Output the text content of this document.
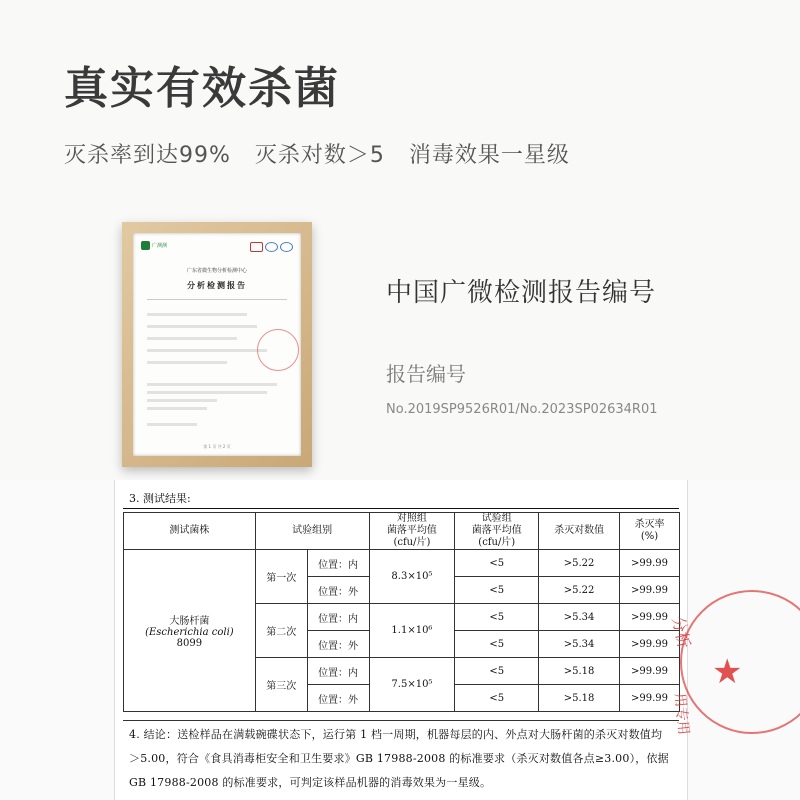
真实有效杀菌
灭杀率到达99% 灭杀对数＞5 消毒效果一星级
广测测
广东省微生物分析检测中心
分析检测报告
第 1 页 共 2 页
中国广微检测报告编号
报告编号
No.2019SP9526R01/No.2023SP02634R01
3. 测试结果:
测试菌株	试验组别		对照组
菌落平均值
(cfu/片)	试验组
菌落平均值
(cfu/片)	杀灭对数值	杀灭率
(%)

大肠杆菌
(Escherichia coli)
8099	第一次	位置：内	8.3×10⁵	<5	>5.22	>99.99
		位置：外		<5	>5.22	>99.99
	第二次	位置：内	1.1×10⁶	<5	>5.34	>99.99
		位置：外		<5	>5.34	>99.99
	第三次	位置：内	7.5×10⁵	<5	>5.18	>99.99
		位置：外		<5	>5.18	>99.99
4. 结论：送检样品在满载碗碟状态下，运行第 1 档一周期，机器每层的内、外点对大肠杆菌的杀灭对数值均
＞5.00，符合《食具消毒柜安全和卫生要求》GB 17988-2008 的标准要求（杀灭对数值各点≥3.00），依据
GB 17988-2008 的标准要求，可判定该样品机器的消毒效果为一星级。
分析
★
用专用
